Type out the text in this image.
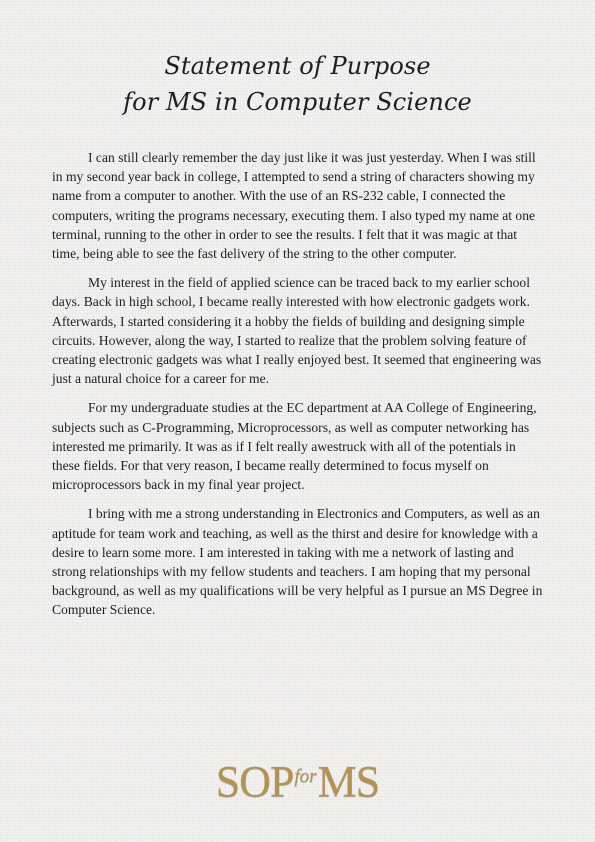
Statement of Purpose
for MS in Computer Science

I can still clearly remember the day just like it was just yesterday. When I was still in my second year back in college, I attempted to send a string of characters showing my name from a computer to another. With the use of an RS-232 cable, I connected the computers, writing the programs necessary, executing them. I also typed my name at one terminal, running to the other in order to see the results. I felt that it was magic at that time, being able to see the fast delivery of the string to the other computer.

My interest in the field of applied science can be traced back to my earlier school days. Back in high school, I became really interested with how electronic gadgets work. Afterwards, I started considering it a hobby the fields of building and designing simple circuits. However, along the way, I started to realize that the problem solving feature of creating electronic gadgets was what I really enjoyed best. It seemed that engineering was just a natural choice for a career for me.

For my undergraduate studies at the EC department at AA College of Engineering, subjects such as C-Programming, Microprocessors, as well as computer networking has interested me primarily. It was as if I felt really awestruck with all of the potentials in these fields. For that very reason, I became really determined to focus myself on microprocessors back in my final year project.

I bring with me a strong understanding in Electronics and Computers, as well as an aptitude for team work and teaching, as well as the thirst and desire for knowledge with a desire to learn some more. I am interested in taking with me a network of lasting and strong relationships with my fellow students and teachers. I am hoping that my personal background, as well as my qualifications will be very helpful as I pursue an MS Degree in Computer Science.

SOPforMS
